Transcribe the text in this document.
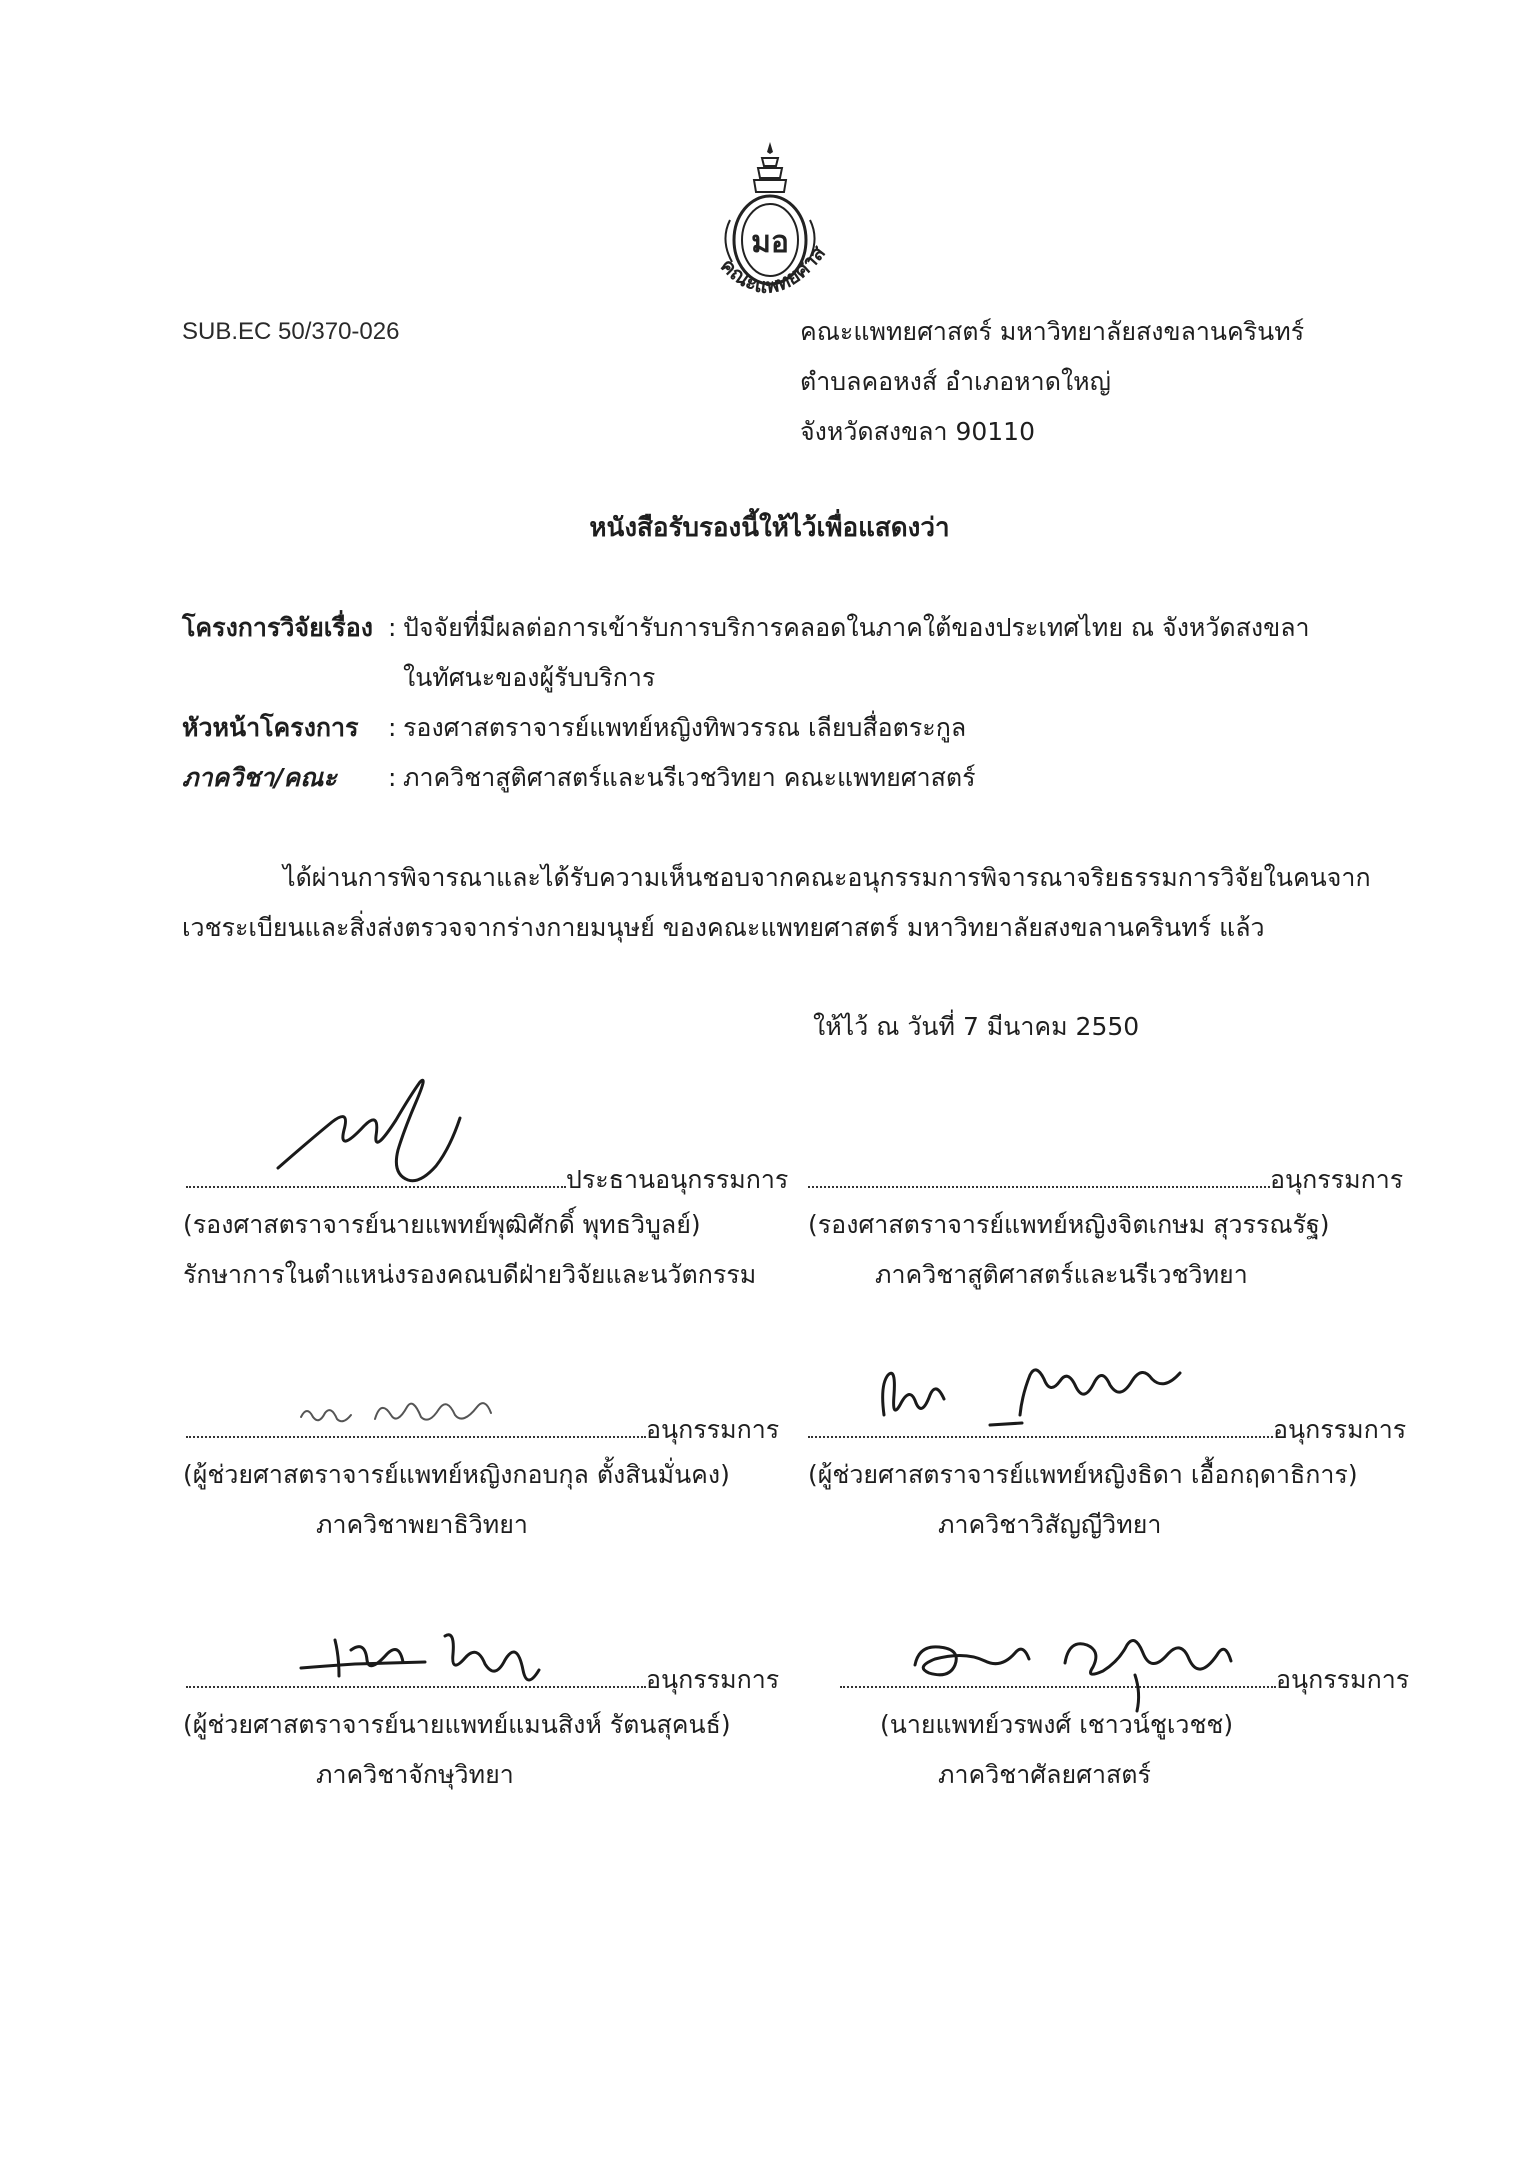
มอ
คณะแพทยศาส
SUB.EC 50/370-026	คณะแพทยศาสตร์ มหาวิทยาลัยสงขลานครินทร์
ตำบลคอหงส์ อำเภอหาดใหญ่
จังหวัดสงขลา 90110
หนังสือรับรองนี้ให้ไว้เพื่อแสดงว่า
โครงการวิจัยเรื่อง : ปัจจัยที่มีผลต่อการเข้ารับการบริการคลอดในภาคใต้ของประเทศไทย ณ จังหวัดสงขลา
ในทัศนะของผู้รับบริการ
หัวหน้าโครงการ : รองศาสตราจารย์แพทย์หญิงทิพวรรณ เลียบสื่อตระกูล
ภาควิชา/คณะ : ภาควิชาสูติศาสตร์และนรีเวชวิทยา คณะแพทยศาสตร์
ได้ผ่านการพิจารณาและได้รับความเห็นชอบจากคณะอนุกรรมการพิจารณาจริยธรรมการวิจัยในคนจาก
เวชระเบียนและสิ่งส่งตรวจจากร่างกายมนุษย์ ของคณะแพทยศาสตร์ มหาวิทยาลัยสงขลานครินทร์ แล้ว
ให้ไว้ ณ วันที่ 7 มีนาคม 2550
ประธานอนุกรรมการ
(รองศาสตราจารย์นายแพทย์พุฒิศักดิ์ พุทธวิบูลย์)
รักษาการในตำแหน่งรองคณบดีฝ่ายวิจัยและนวัตกรรม
อนุกรรมการ
(รองศาสตราจารย์แพทย์หญิงจิตเกษม สุวรรณรัฐ)
ภาควิชาสูติศาสตร์และนรีเวชวิทยา
อนุกรรมการ
(ผู้ช่วยศาสตราจารย์แพทย์หญิงกอบกุล ตั้งสินมั่นคง)
ภาควิชาพยาธิวิทยา
อนุกรรมการ
(ผู้ช่วยศาสตราจารย์แพทย์หญิงธิดา เอื้อกฤดาธิการ)
ภาควิชาวิสัญญีวิทยา
อนุกรรมการ
(ผู้ช่วยศาสตราจารย์นายแพทย์แมนสิงห์ รัตนสุคนธ์)
ภาควิชาจักษุวิทยา
อนุกรรมการ
(นายแพทย์วรพงศ์ เชาวน์ชูเวชช)
ภาควิชาศัลยศาสตร์
